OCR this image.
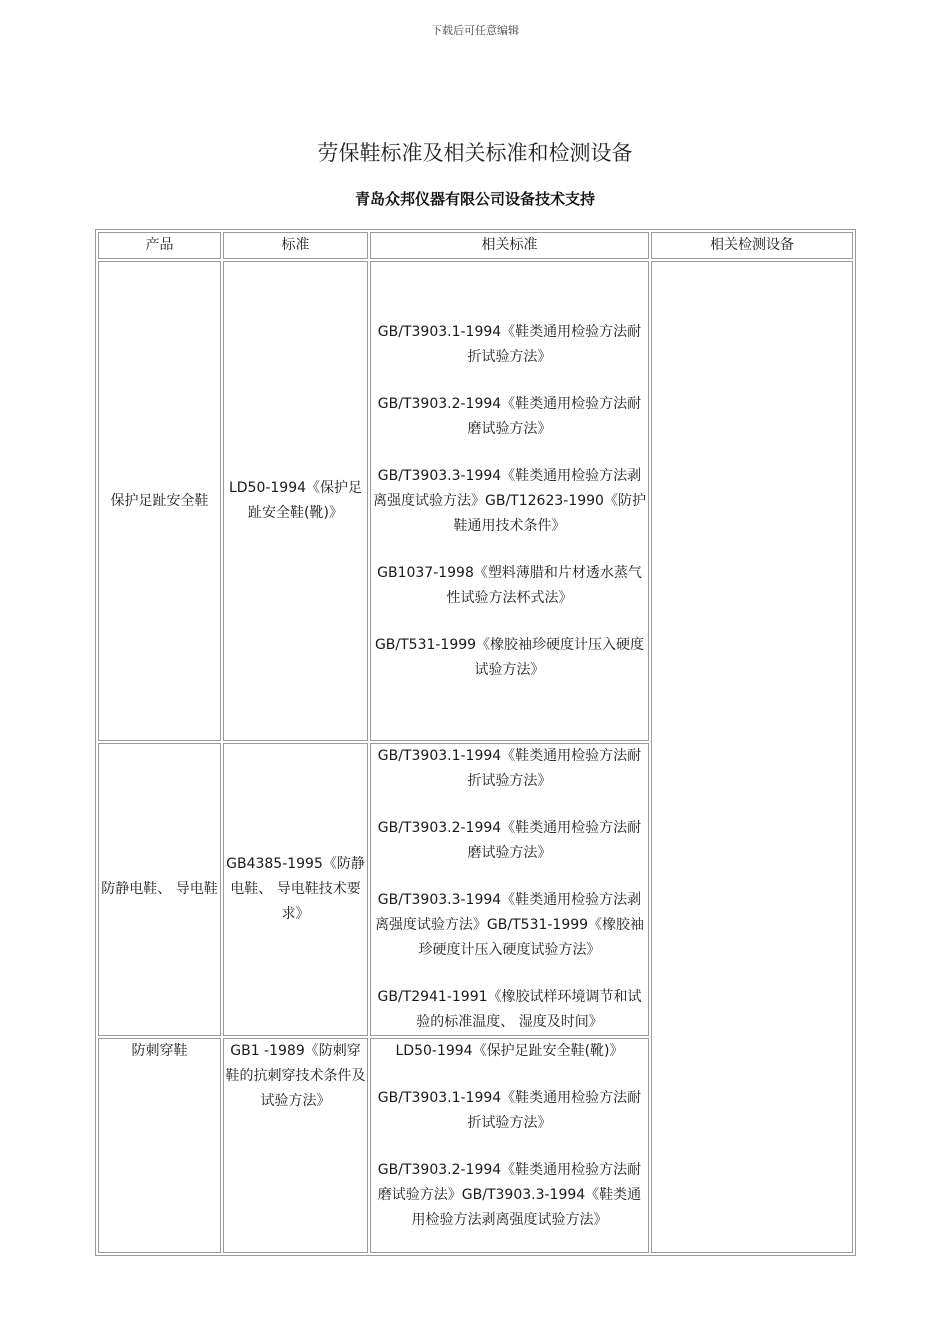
下载后可任意编辑
劳保鞋标准及相关标准和检测设备
青岛众邦仪器有限公司设备技术支持
产品	标准	相关标准	相关检测设备
保护足趾安全鞋	LD50-1994《保护足趾安全鞋(靴)》	GB/T3903.1-1994《鞋类通用检验方法耐折试验方法》

GB/T3903.2-1994《鞋类通用检验方法耐磨试验方法》

GB/T3903.3-1994《鞋类通用检验方法剥离强度试验方法》GB/T12623-1990《防护鞋通用技术条件》

GB1037-1998《塑料薄腊和片材透水蒸气性试验方法杯式法》

GB/T531-1999《橡胶袖珍硬度计压入硬度试验方法》	

防静电鞋、 导电鞋	GB4385-1995《防静电鞋、 导电鞋技术要求》	GB/T3903.1-1994《鞋类通用检验方法耐折试验方法》

GB/T3903.2-1994《鞋类通用检验方法耐磨试验方法》

GB/T3903.3-1994《鞋类通用检验方法剥离强度试验方法》GB/T531-1999《橡胶袖珍硬度计压入硬度试验方法》

GB/T2941-1991《橡胶试样环境调节和试验的标准温度、 湿度及时间》	

防刺穿鞋	GB1 -1989《防刺穿鞋的抗刺穿技术条件及试验方法》	LD50-1994《保护足趾安全鞋(靴)》

GB/T3903.1-1994《鞋类通用检验方法耐折试验方法》

GB/T3903.2-1994《鞋类通用检验方法耐磨试验方法》GB/T3903.3-1994《鞋类通用检验方法剥离强度试验方法》	
